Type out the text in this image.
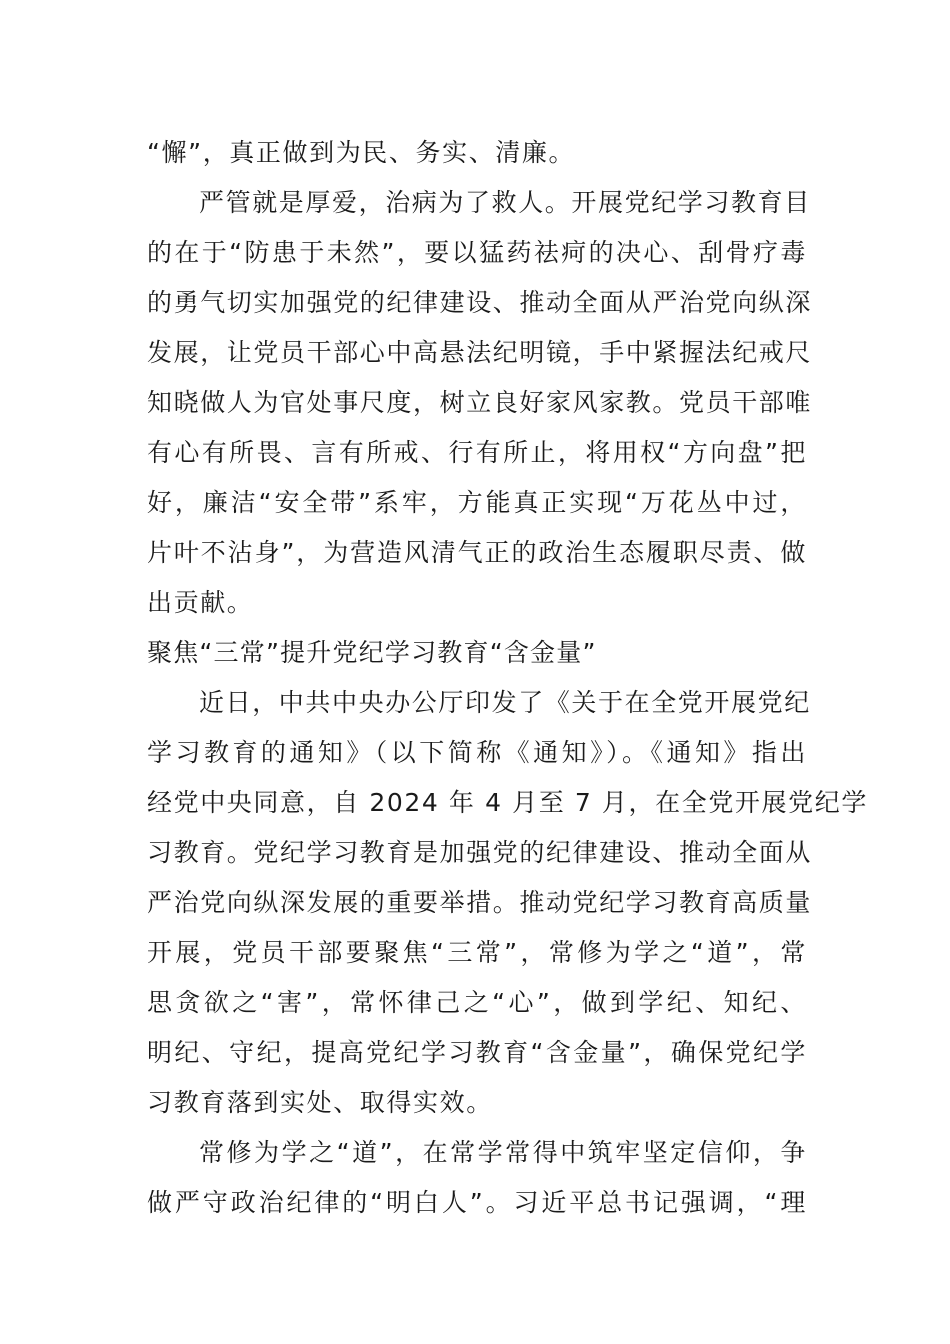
“懈”，真正做到为民、务实、清廉。
严管就是厚爱，治病为了救人。开展党纪学习教育目
的在于“防患于未然”，要以猛药祛疴的决心、刮骨疗毒
的勇气切实加强党的纪律建设、推动全面从严治党向纵深
发展，让党员干部心中高悬法纪明镜，手中紧握法纪戒尺
知晓做人为官处事尺度，树立良好家风家教。党员干部唯
有心有所畏、言有所戒、行有所止，将用权“方向盘”把
好，廉洁“安全带”系牢，方能真正实现“万花丛中过，
片叶不沾身”，为营造风清气正的政治生态履职尽责、做
出贡献。
聚焦“三常”提升党纪学习教育“含金量”
近日，中共中央办公厅印发了《关于在全党开展党纪
学习教育的通知》（以下简称《通知》）。《通知》指出
经党中央同意，自 2024 年 4 月至 7 月，在全党开展党纪学
习教育。党纪学习教育是加强党的纪律建设、推动全面从
严治党向纵深发展的重要举措。推动党纪学习教育高质量
开展，党员干部要聚焦“三常”，常修为学之“道”，常
思贪欲之“害”，常怀律己之“心”，做到学纪、知纪、
明纪、守纪，提高党纪学习教育“含金量”，确保党纪学
习教育落到实处、取得实效。
常修为学之“道”，在常学常得中筑牢坚定信仰，争
做严守政治纪律的“明白人”。习近平总书记强调，“理
